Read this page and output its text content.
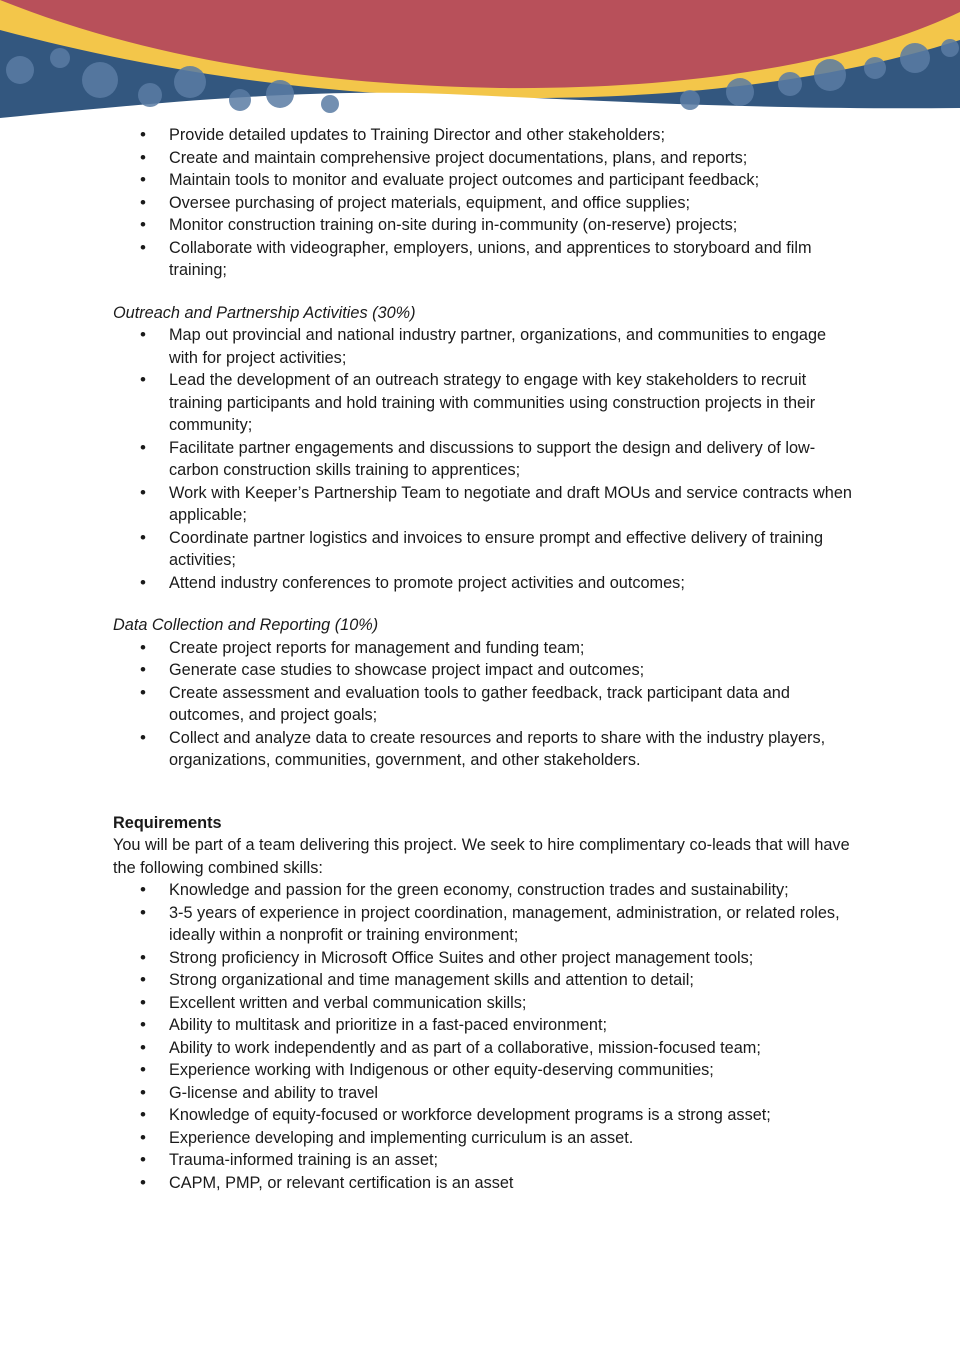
• Provide detailed updates to Training Director and other stakeholders;
• Create and maintain comprehensive project documentations, plans, and reports;
• Maintain tools to monitor and evaluate project outcomes and participant feedback;
• Oversee purchasing of project materials, equipment, and office supplies;
• Monitor construction training on-site during in-community (on-reserve) projects;
• Collaborate with videographer, employers, unions, and apprentices to storyboard and film training;

Outreach and Partnership Activities (30%)

• Map out provincial and national industry partner, organizations, and communities to engage with for project activities;
• Lead the development of an outreach strategy to engage with key stakeholders to recruit training participants and hold training with communities using construction projects in their community;
• Facilitate partner engagements and discussions to support the design and delivery of low-carbon construction skills training to apprentices;
• Work with Keeper’s Partnership Team to negotiate and draft MOUs and service contracts when applicable;
• Coordinate partner logistics and invoices to ensure prompt and effective delivery of training activities;
• Attend industry conferences to promote project activities and outcomes;

Data Collection and Reporting (10%)

• Create project reports for management and funding team;
• Generate case studies to showcase project impact and outcomes;
• Create assessment and evaluation tools to gather feedback, track participant data and outcomes, and project goals;
• Collect and analyze data to create resources and reports to share with the industry players, organizations, communities, government, and other stakeholders.

Requirements

You will be part of a team delivering this project. We seek to hire complimentary co-leads that will have the following combined skills:

• Knowledge and passion for the green economy, construction trades and sustainability;
• 3-5 years of experience in project coordination, management, administration, or related roles, ideally within a nonprofit or training environment;
• Strong proficiency in Microsoft Office Suites and other project management tools;
• Strong organizational and time management skills and attention to detail;
• Excellent written and verbal communication skills;
• Ability to multitask and prioritize in a fast-paced environment;
• Ability to work independently and as part of a collaborative, mission-focused team;
• Experience working with Indigenous or other equity-deserving communities;
• G-license and ability to travel
• Knowledge of equity-focused or workforce development programs is a strong asset;
• Experience developing and implementing curriculum is an asset.
• Trauma-informed training is an asset;
• CAPM, PMP, or relevant certification is an asset
